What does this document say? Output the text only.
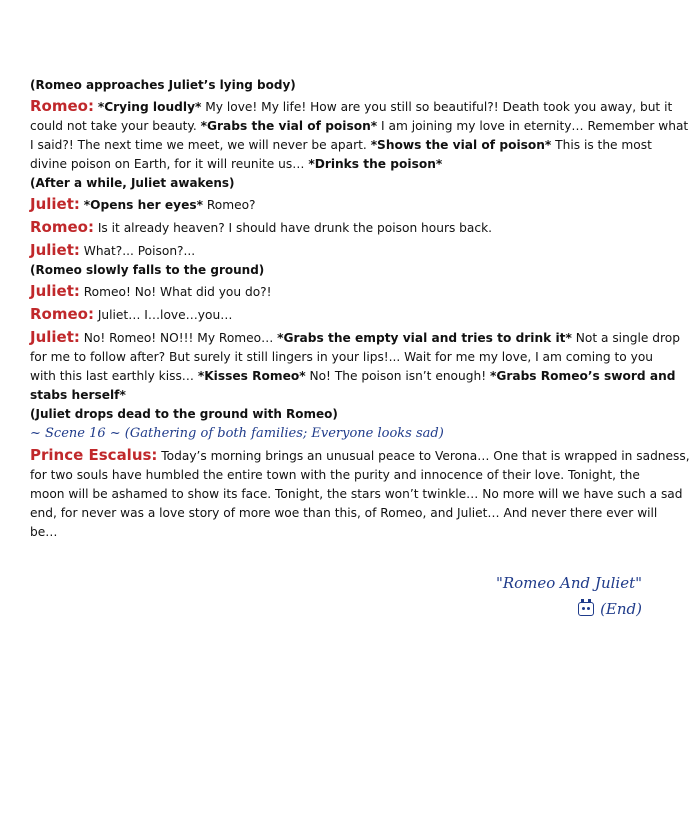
(Romeo approaches Juliet’s lying body)
Romeo: *Crying loudly* My love! My life! How are you still so beautiful?! Death took you away, but it
could not take your beauty. *Grabs the vial of poison* I am joining my love in eternity… Remember what
I said?! The next time we meet, we will never be apart. *Shows the vial of poison* This is the most
divine poison on Earth, for it will reunite us… *Drinks the poison*
(After a while, Juliet awakens)
Juliet: *Opens her eyes* Romeo?
Romeo: Is it already heaven? I should have drunk the poison hours back.
Juliet: What?... Poison?...
(Romeo slowly falls to the ground)
Juliet: Romeo! No! What did you do?!
Romeo: Juliet… I…love…you…
Juliet: No! Romeo! NO!!! My Romeo… *Grabs the empty vial and tries to drink it* Not a single drop
for me to follow after? But surely it still lingers in your lips!... Wait for me my love, I am coming to you
with this last earthly kiss… *Kisses Romeo* No! The poison isn’t enough! *Grabs Romeo’s sword and
stabs herself*
(Juliet drops dead to the ground with Romeo)
~ Scene 16 ~ (Gathering of both families; Everyone looks sad)
Prince Escalus: Today’s morning brings an unusual peace to Verona… One that is wrapped in sadness,
for two souls have humbled the entire town with the purity and innocence of their love. Tonight, the
moon will be ashamed to show its face. Tonight, the stars won’t twinkle… No more will we have such a sad
end, for never was a love story of more woe than this, of Romeo, and Juliet… And never there ever will
be…
"Romeo And Juliet"
(End)
